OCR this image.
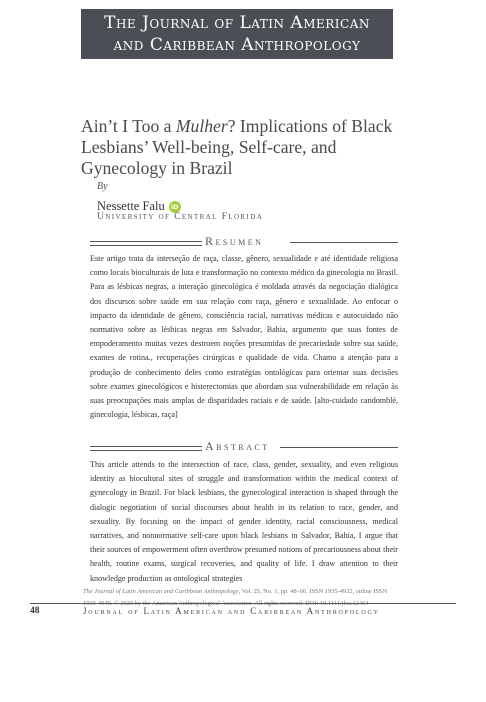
The Journal of Latin American
and Caribbean Anthropology
Ain’t I Too a Mulher? Implications of Black Lesbians’ Well-being, Self-care, and Gynecology in Brazil
By
Nessette Falu iD
University of Central Florida
Resumen

Este artigo trata da interseção de raça, classe, gênero, sexualidade e até identidade religiosa como locais bioculturais de luta e transformação no contexto médico da ginecologia no Brasil. Para as lésbicas negras, a interação ginecológica é moldada através da negociação dialógica dos discursos sobre saúde em sua relação com raça, gênero e sexualidade. Ao enfocar o impacto da identidade de gênero, consciência racial, narrativas médicas e autocuidado não normativo sobre as lésbicas negras em Salvador, Bahia, argumento que suas fontes de empoderamento muitas vezes destroem noções presumidas de precariedade sobre sua saúde, exames de rotina., recuperações cirúrgicas e qualidade de vida. Chamo a atenção para a produção de conhecimento deles como estratégias ontológicas para orientar suas decisões sobre exames ginecológicos e histerectomias que abordam sua vulnerabilidade em relação às suas preocupações mais amplas de disparidades raciais e de saúde. [alto-cuidado candomblé, ginecologia, lésbicas, raça]

Abstract

This article attends to the intersection of race, class, gender, sexuality, and even religious identity as biocultural sites of struggle and transformation within the medical context of gynecology in Brazil. For black lesbians, the gynecological interaction is shaped through the dialogic negotiation of social discourses about health in its relation to race, gender, and sexuality. By focusing on the impact of gender identity, racial consciousness, medical narratives, and nonnormative self-care upon black lesbians in Salvador, Bahia, I argue that their sources of empowerment often overthrow presumed notions of precariousness about their health, routine exams, surgical recoveries, and quality of life. I draw attention to their knowledge production as ontological strategies

The Journal of Latin American and Caribbean Anthropology, Vol. 25, No. 1, pp. 48–66. ISSN 1935-4932, online ISSN 1935-4940. © 2020 by the American Anthropological Association. All rights reserved. DOI: 10.1111/jlca.12464
48	Journal of Latin American and Caribbean Anthropology
